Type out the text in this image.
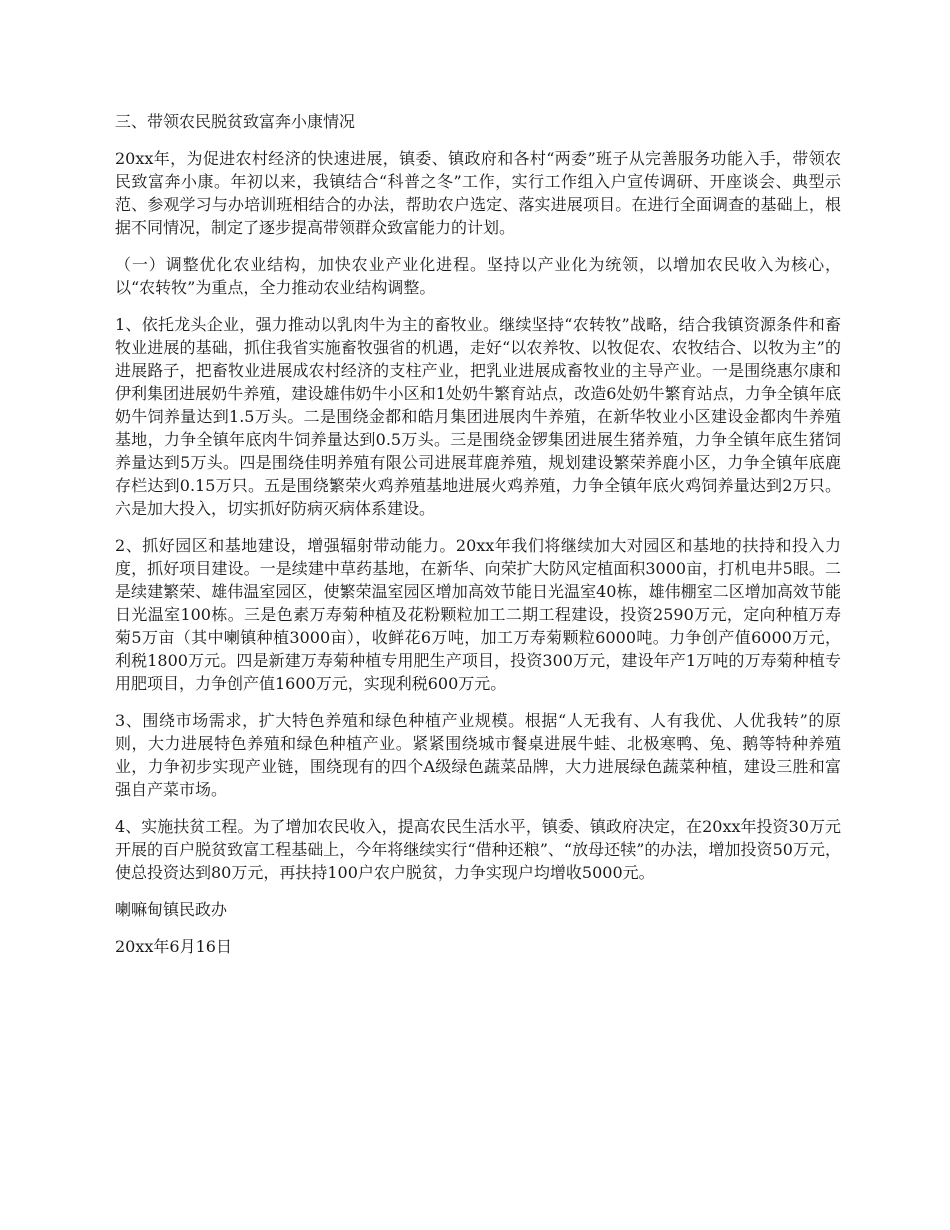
三、带领农民脱贫致富奔小康情况

20xx年，为促进农村经济的快速进展，镇委、镇政府和各村“两委”班子从完善服务功能入手，带领农民致富奔小康。年初以来，我镇结合“科普之冬”工作，实行工作组入户宣传调研、开座谈会、典型示范、参观学习与办培训班相结合的办法，帮助农户选定、落实进展项目。在进行全面调查的基础上，根据不同情况，制定了逐步提高带领群众致富能力的计划。

（一）调整优化农业结构，加快农业产业化进程。坚持以产业化为统领，以增加农民收入为核心，以“农转牧”为重点，全力推动农业结构调整。

1、依托龙头企业，强力推动以乳肉牛为主的畜牧业。继续坚持“农转牧”战略，结合我镇资源条件和畜牧业进展的基础，抓住我省实施畜牧强省的机遇，走好“以农养牧、以牧促农、农牧结合、以牧为主”的进展路子，把畜牧业进展成农村经济的支柱产业，把乳业进展成畜牧业的主导产业。一是围绕惠尔康和伊利集团进展奶牛养殖，建设雄伟奶牛小区和1处奶牛繁育站点，改造6处奶牛繁育站点，力争全镇年底奶牛饲养量达到1.5万头。二是围绕金都和皓月集团进展肉牛养殖，在新华牧业小区建设金都肉牛养殖基地，力争全镇年底肉牛饲养量达到0.5万头。三是围绕金锣集团进展生猪养殖，力争全镇年底生猪饲养量达到5万头。四是围绕佳明养殖有限公司进展茸鹿养殖，规划建设繁荣养鹿小区，力争全镇年底鹿存栏达到0.15万只。五是围绕繁荣火鸡养殖基地进展火鸡养殖，力争全镇年底火鸡饲养量达到2万只。六是加大投入，切实抓好防病灭病体系建设。

2、抓好园区和基地建设，增强辐射带动能力。20xx年我们将继续加大对园区和基地的扶持和投入力度，抓好项目建设。一是续建中草药基地，在新华、向荣扩大防风定植面积3000亩，打机电井5眼。二是续建繁荣、雄伟温室园区，使繁荣温室园区增加高效节能日光温室40栋，雄伟棚室二区增加高效节能日光温室100栋。三是色素万寿菊种植及花粉颗粒加工二期工程建设，投资2590万元，定向种植万寿菊5万亩（其中喇镇种植3000亩），收鲜花6万吨，加工万寿菊颗粒6000吨。力争创产值6000万元，利税1800万元。四是新建万寿菊种植专用肥生产项目，投资300万元，建设年产1万吨的万寿菊种植专用肥项目，力争创产值1600万元，实现利税600万元。

3、围绕市场需求，扩大特色养殖和绿色种植产业规模。根据“人无我有、人有我优、人优我转”的原则，大力进展特色养殖和绿色种植产业。紧紧围绕城市餐桌进展牛蛙、北极寒鸭、兔、鹅等特种养殖业，力争初步实现产业链，围绕现有的四个A级绿色蔬菜品牌，大力进展绿色蔬菜种植，建设三胜和富强自产菜市场。

4、实施扶贫工程。为了增加农民收入，提高农民生活水平，镇委、镇政府决定，在20xx年投资30万元开展的百户脱贫致富工程基础上，今年将继续实行“借种还粮”、“放母还犊”的办法，增加投资50万元，使总投资达到80万元，再扶持100户农户脱贫，力争实现户均增收5000元。

喇嘛甸镇民政办

20xx年6月16日
